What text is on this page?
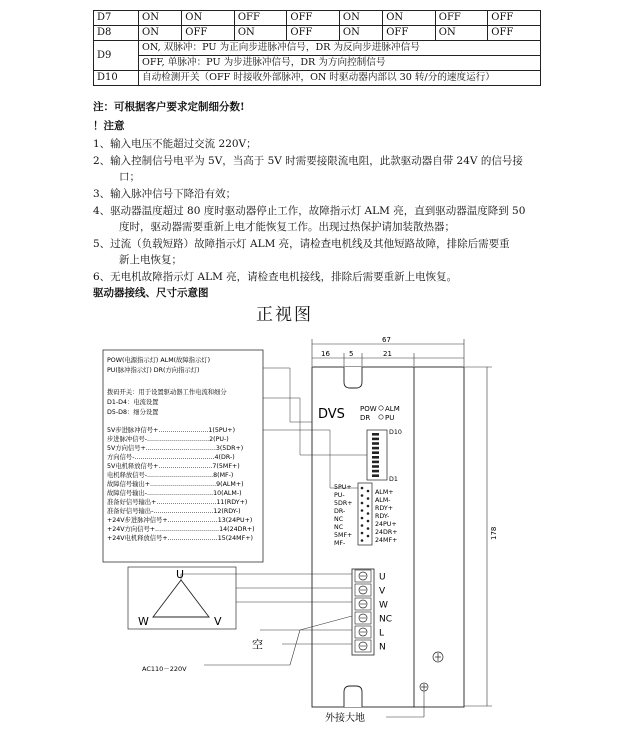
D7	ON	ON	OFF	OFF	ON	ON	OFF	OFF
D8	ON	OFF	ON	OFF	ON	OFF	ON	OFF
D9	ON, 双脉冲：PU 为正向步进脉冲信号，DR 为反向步进脉冲信号							
	OFF, 单脉冲：PU 为步进脉冲信号，DR 为方向控制信号							
D10	自动检测开关（OFF 时接收外部脉冲，ON 时驱动器内部以 30 转/分的速度运行）							
注：可根据客户要求定制细分数!
！注意
1、输入电压不能超过交流 220V；
2、输入控制信号电平为 5V，当高于 5V 时需要接限流电阻，此款驱动器自带 24V 的信号接
口；
3、输入脉冲信号下降沿有效；
4、驱动器温度超过 80 度时驱动器停止工作，故障指示灯 ALM 亮，直到驱动器温度降到 50
度时，驱动器需要重新上电才能恢复工作。出现过热保护请加装散热器；
5、过流（负载短路）故障指示灯 ALM 亮，请检查电机线及其他短路故障，排除后需要重
新上电恢复；
6、无电机故障指示灯 ALM 亮，请检查电机接线，排除后需要重新上电恢复。
驱动器接线、尺寸示意图
正视图
POW(电源指示灯) ALM(故障指示灯)
PU(脉冲指示灯) DR(方向指示灯)
拨码开关：用于设置驱动器工作电流和细分
D1-D4：电流设置
D5-D8：细分设置
5V步进脉冲信号+.........................1(5PU+)
步进脉冲信号-...............................2(PU-)
5V方向信号+...................................3(5DR+)
方向信号-........................................4(DR-)
5V电机释放信号+...........................7(5MF+)
电机释放信号-.................................8(MF-)
故障信号输出+.................................9(ALM+)
故障信号输出-.................................10(ALM-)
准备好信号输出+..............................11(RDY+)
准备好信号输出-..............................12(RDY-)
+24V步进脉冲信号+.........................13(24PU+)
+24V方向信号+................................14(24DR+)
+24V电机释放信号+.........................15(24MF+)
67
16	5	21
178
DVS POW ALM
DR PU
D10
D1
5PU+
PU-
5DR+
DR-
NC
NC
5MF+
MF-
ALM+
ALM-
RDY+
RDY-
24PU+
24DR+
24MF+
U
V
W
NC
L
N
U
W	V
空
AC110－220V
外接大地
